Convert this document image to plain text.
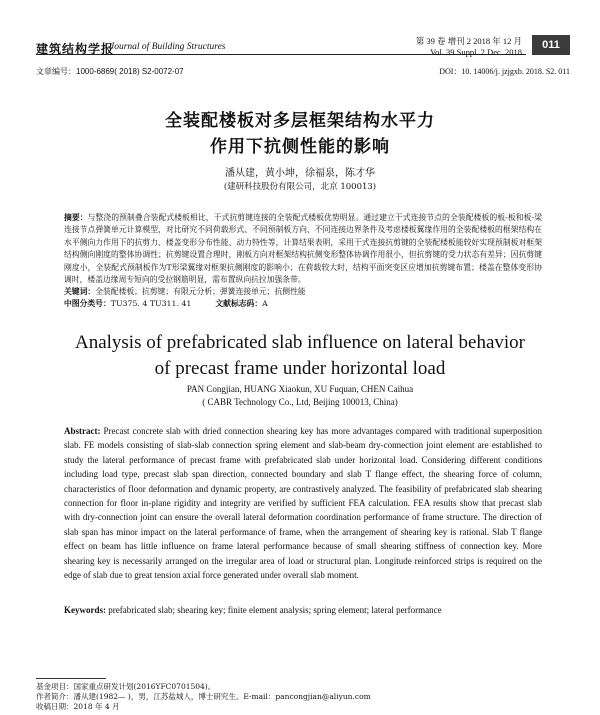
建筑结构学报
Journal of Building Structures
第 39 卷 增刊 2 2018 年 12 月
Vol. 39 Suppl. 2 Dec. 2018
011
文章编号：1000-6869( 2018) S2-0072-07	DOI：10. 14006/j. jzjgxb. 2018. S2. 011
全装配楼板对多层框架结构水平力
作用下抗侧性能的影响
潘从建，黄小坤，徐福泉，陈才华
(建研科技股份有限公司，北京 100013)
摘要：与整浇的预制叠合装配式楼板相比，干式抗剪键连接的全装配式楼板优势明显。通过建立干式连接节点的全装配楼板的板-板和板-梁连接节点弹簧单元计算模型，对比研究不同荷载形式、不同预制板方向、不同连接边界条件及考虑楼板翼缘作用的全装配楼板的框架结构在水平侧向力作用下的抗剪力、楼盖变形分布性能、动力特性等，计算结果表明，采用干式连接抗剪键的全装配楼板能较好实现预制板对框架结构侧向刚度的整体协调性；抗剪键设置合理时，刚板方向对框架结构抗侧变形整体协调作用很小，但抗剪键的受力状态有差异；因抗剪键刚度小，全装配式预制板作为T形梁翼缘对框架抗侧刚度的影响小；在荷载较大时，结构平面突变区应增加抗剪键布置；楼盖在整体变形协调时，楼盖边缘周专短向的受拉钢筋明显，需布置纵向抗拉加强条带。
关键词：全装配楼板；抗剪键；有限元分析；弹簧连接单元；抗侧性能
中图分类号：TU375. 4 TU311. 41	文献标志码：A
Analysis of prefabricated slab influence on lateral behavior
of precast frame under horizontal load
PAN Congjian, HUANG Xiaokun, XU Fuquan, CHEN Caihua
( CABR Technology Co., Ltd, Beijing 100013, China)
Abstract: Precast concrete slab with dried connection shearing key has more advantages compared with traditional superposition slab. FE models consisting of slab-slab connection spring element and slab-beam dry-connection joint element are established to study the lateral performance of precast frame with prefabricated slab under horizontal load. Considering different conditions including load type, precast slab span direction, connected boundary and slab T flange effect, the shearing force of column, characteristics of floor deformation and dynamic property, are contrastively analyzed. The feasibility of prefabricated slab shearing connection for floor in-plane rigidity and integrity are verified by sufficient FEA calculation. FEA results show that precast slab with dry-connection joint can ensure the overall lateral deformation coordination performance of frame structure. The direction of slab span has minor impact on the lateral performance of frame, when the arrangement of shearing key is rational. Slab T flange effect on beam has little influence on frame lateral performance because of small shearing stiffness of connection key. More shearing key is necessarily arranged on the irregular area of load or structural plan. Longitude reinforced strips is required on the edge of slab due to great tension axial force generated under overall slab moment.
Keywords: prefabricated slab; shearing key; finite element analysis; spring element; lateral performance
基金项目：国家重点研发计划(2016YFC0701504)。
作者简介：潘从建(1982— )，男，江苏盐城人，博士研究生。E-mail：pancongjian@aliyun.com
收稿日期：2018 年 4 月
